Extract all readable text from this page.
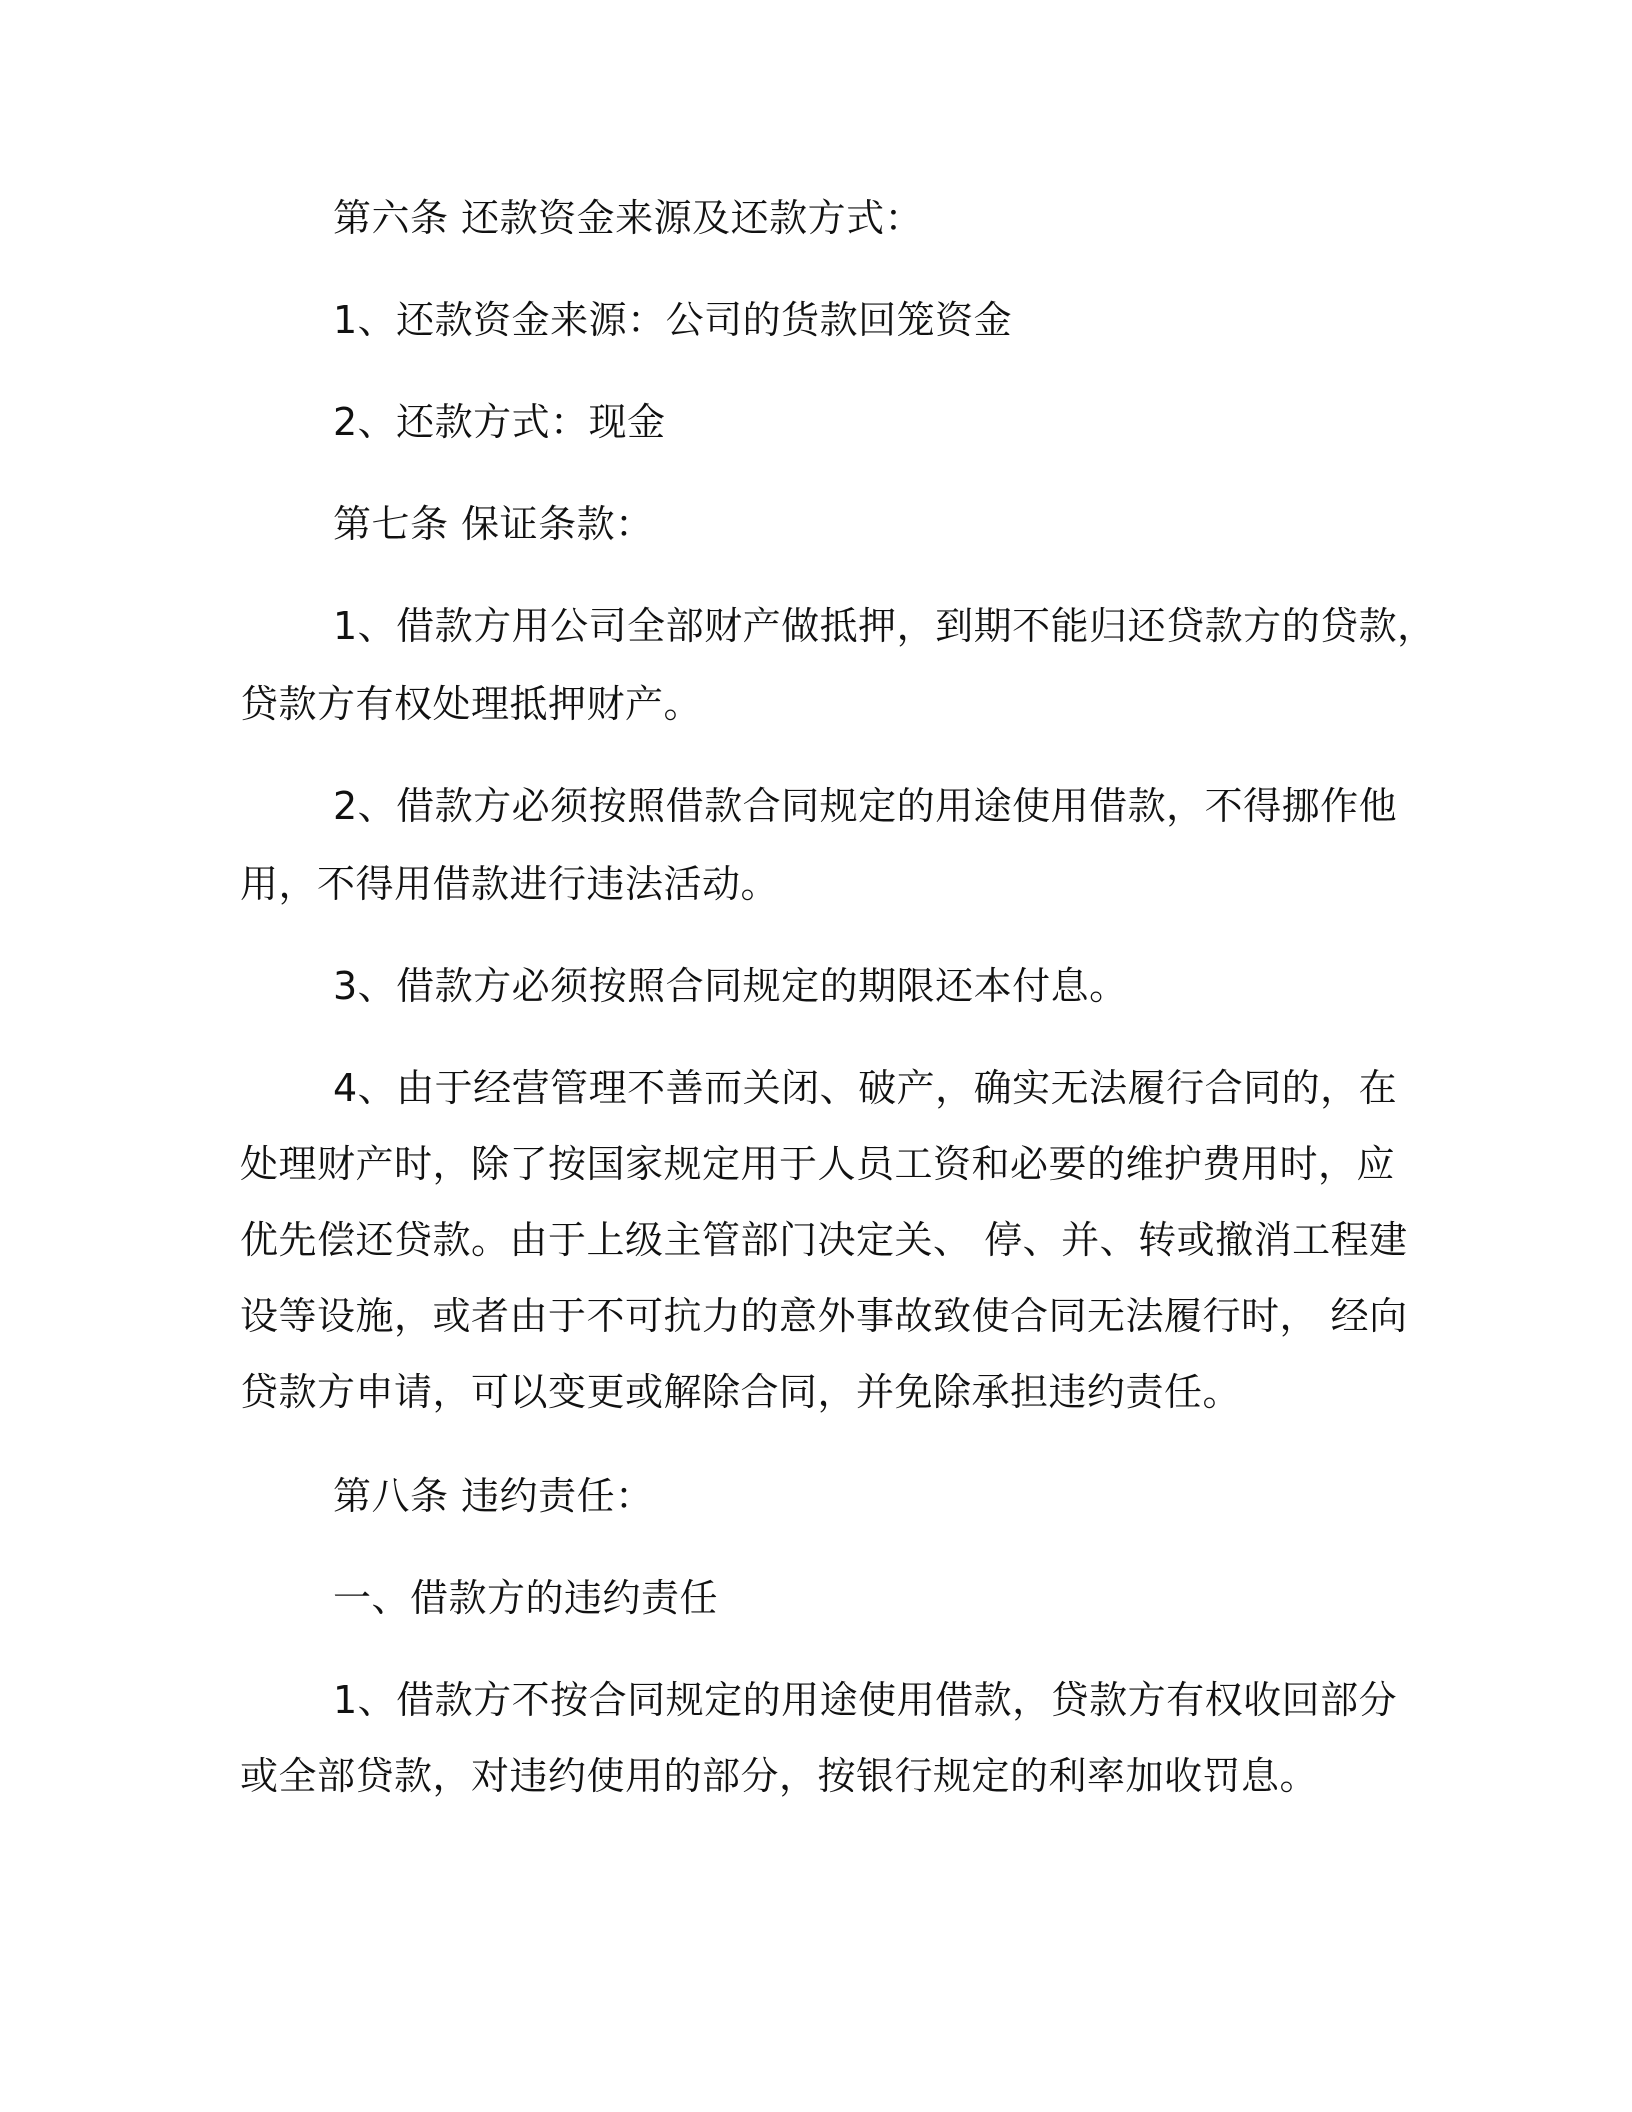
第六条 还款资金来源及还款方式：
1、还款资金来源：公司的货款回笼资金
2、还款方式：现金
第七条 保证条款：
1、借款方用公司全部财产做抵押，到期不能归还贷款方的贷款，
贷款方有权处理抵押财产。
2、借款方必须按照借款合同规定的用途使用借款，不得挪作他
用，不得用借款进行违法活动。
3、借款方必须按照合同规定的期限还本付息。
4、由于经营管理不善而关闭、破产，确实无法履行合同的，在
处理财产时，除了按国家规定用于人员工资和必要的维护费用时，应
优先偿还贷款。由于上级主管部门决定关、 停、并、转或撤消工程建
设等设施，或者由于不可抗力的意外事故致使合同无法履行时， 经向
贷款方申请，可以变更或解除合同，并免除承担违约责任。
第八条 违约责任：
一、借款方的违约责任
1、借款方不按合同规定的用途使用借款，贷款方有权收回部分
或全部贷款，对违约使用的部分，按银行规定的利率加收罚息。
